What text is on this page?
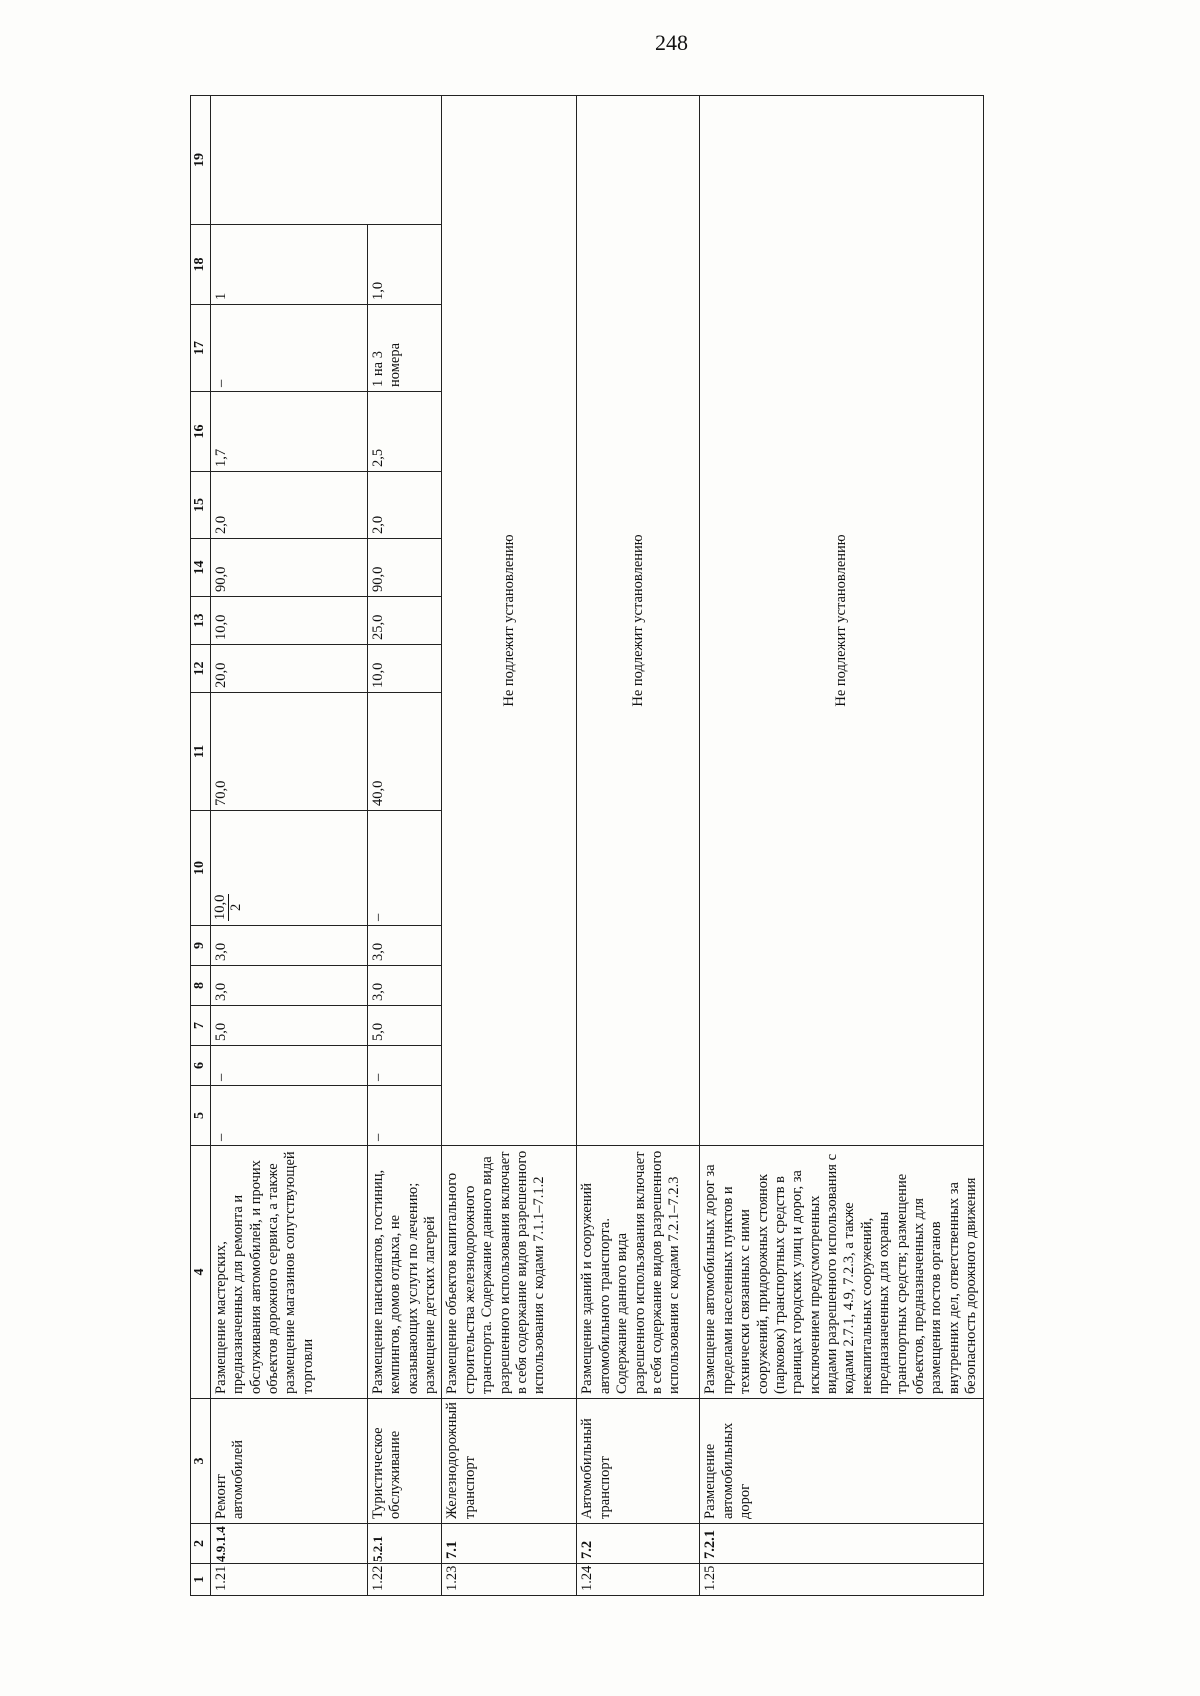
248
1	2	3	4	5	6	7	8	9	10	11	12	13	14	15	16	17	18	19
1.21	4.9.1.4	Ремонт автомобилей	Размещение мастерских, предназначенных для ремонта и обслуживания автомобилей, и прочих объектов дорожного сервиса, а также размещение магазинов сопутствующей торговли	–	–	5,0	3,0	3,0	10,0 2	70,0	20,0	10,0	90,0	2,0	1,7	–	1	
1.22	5.2.1	Туристическое обслуживание	Размещение пансионатов, гостиниц, кемпингов, домов отдыха, не оказывающих услуги по лечению; размещение детских лагерей	–	–	5,0	3,0	3,0	–	40,0	10,0	25,0	90,0	2,0	2,5	1 на 3 номера	1,0	
1.23	7.1	Железнодорожный транспорт	Размещение объектов капитального строительства железнодорожного транспорта. Содержание данного вида разрешенного использования включает в себя содержание видов разрешенного использования с кодами 7.1.1–7.1.2	Не подлежит установлению														
1.24	7.2	Автомобильный транспорт	Размещение зданий и сооружений автомобильного транспорта. Содержание данного вида разрешенного использования включает в себя содержание видов разрешенного использования с кодами 7.2.1–7.2.3	Не подлежит установлению														
1.25	7.2.1	Размещение автомобильных дорог	Размещение автомобильных дорог за пределами населенных пунктов и технически связанных с ними сооружений, придорожных стоянок (парковок) транспортных средств в границах городских улиц и дорог, за исключением предусмотренных видами разрешенного использования с кодами 2.7.1, 4.9, 7.2.3, а также некапитальных сооружений, предназначенных для охраны транспортных средств; размещение объектов, предназначенных для размещения постов органов внутренних дел, ответственных за безопасность дорожного движения	Не подлежит установлению														
